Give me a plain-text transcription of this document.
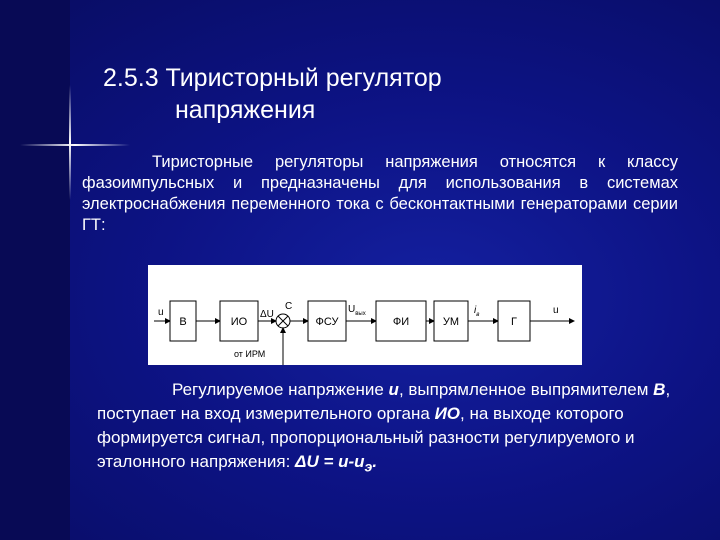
2.5.3 Тиристорный регулятор
напряжения
Тиристорные регуляторы напряжения относятся к классу фазоимпульсных и предназначены для использования в системах электроснабжения переменного тока с бесконтактными генераторами серии ГТ:
u
В	ИО
ΔU
C
от ИРМ
ФСУ
$U_{вых}$
ФИ	УМ
$i_в$
Г
u
Регулируемое напряжение u, выпрямленное выпрямителем В, поступает на вход измерительного органа ИО, на выходе которого формируется сигнал, пропорциональный разности регулируемого и эталонного напряжения: $\Delta U = u-u_э$.
